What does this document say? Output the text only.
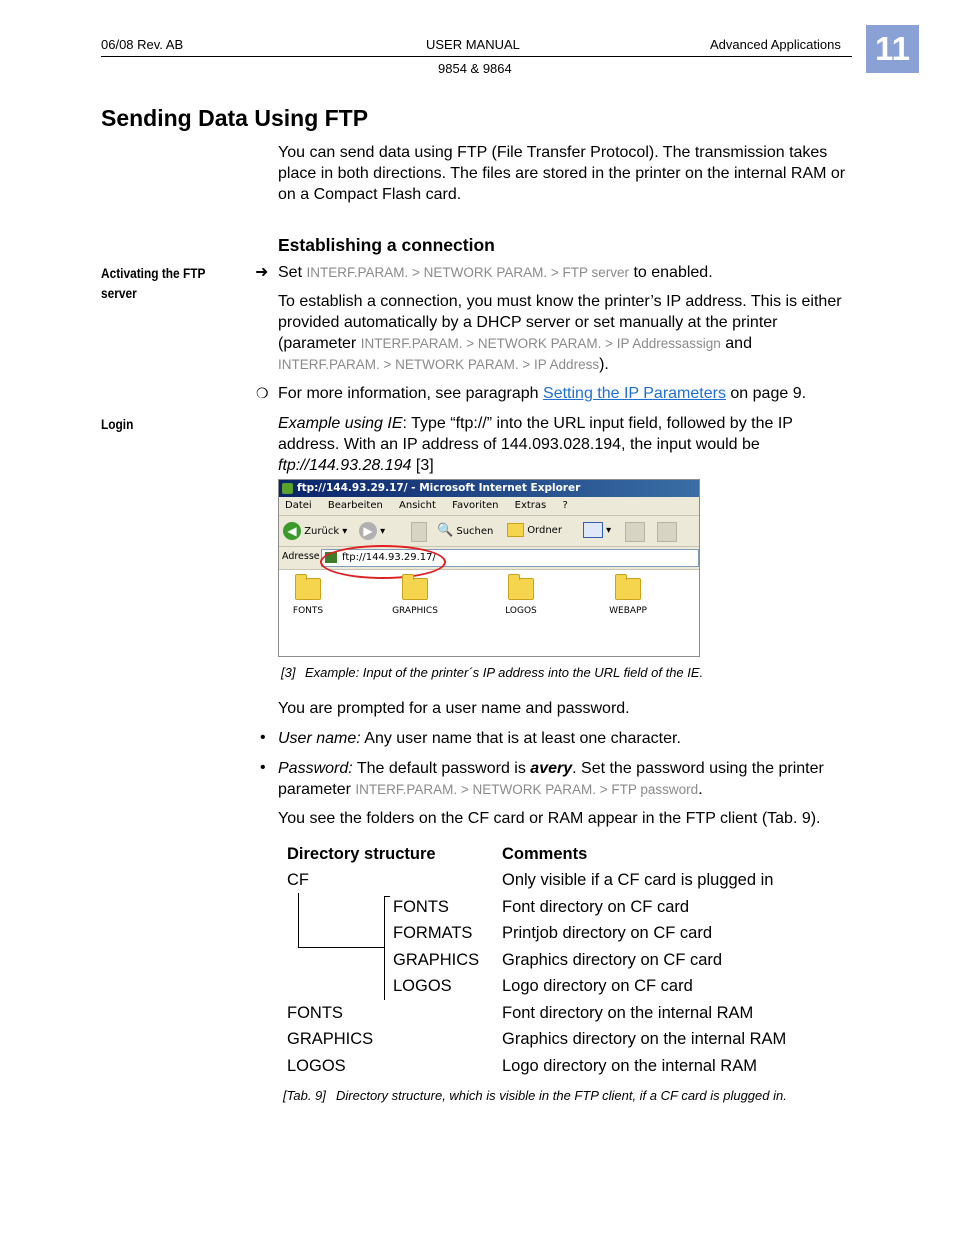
06/08 Rev. AB	USER MANUAL	Advanced Applications
9854 & 9864
11
Sending Data Using FTP
You can send data using FTP (File Transfer Protocol). The transmission takes place in both directions. The files are stored in the printer on the internal RAM or on a Compact Flash card.
Establishing a connection
Activating the FTP server
➜ Set INTERF.PARAM. > NETWORK PARAM. > FTP server to enabled.
To establish a connection, you must know the printer’s IP address. This is either provided automatically by a DHCP server or set manually at the printer (parameter INTERF.PARAM. > NETWORK PARAM. > IP Addressassign and INTERF.PARAM. > NETWORK PARAM. > IP Address).
❍ For more information, see paragraph Setting the IP Parameters on page 9.
Login	Example using IE: Type “ftp://” into the URL input field, followed by the IP address. With an IP address of 144.093.028.194, the input would be ftp://144.93.28.194 [3]
ftp://144.93.29.17/ - Microsoft Internet Explorer
Datei Bearbeiten Ansicht Favoriten Extras ?
◀ Zurück ▾	▶ ▾	🔍 Suchen	Ordner	▾
Adresse ftp://144.93.29.17/
FONTS	GRAPHICS	LOGOS	WEBAPP
[3] Example: Input of the printer´s IP address into the URL field of the IE.
You are prompted for a user name and password.
• User name: Any user name that is at least one character.
• Password: The default password is avery. Set the password using the printer parameter INTERF.PARAM. > NETWORK PARAM. > FTP password.
You see the folders on the CF card or RAM appear in the FTP client (Tab. 9).
Directory structure	Comments
CF	Only visible if a CF card is plugged in
FONTS	Font directory on CF card
FORMATS Printjob directory on CF card
GRAPHICS Graphics directory on CF card
LOGOS	Logo directory on CF card
FONTS	Font directory on the internal RAM
GRAPHICS	Graphics directory on the internal RAM
LOGOS	Logo directory on the internal RAM
[Tab. 9] Directory structure, which is visible in the FTP client, if a CF card is plugged in.
